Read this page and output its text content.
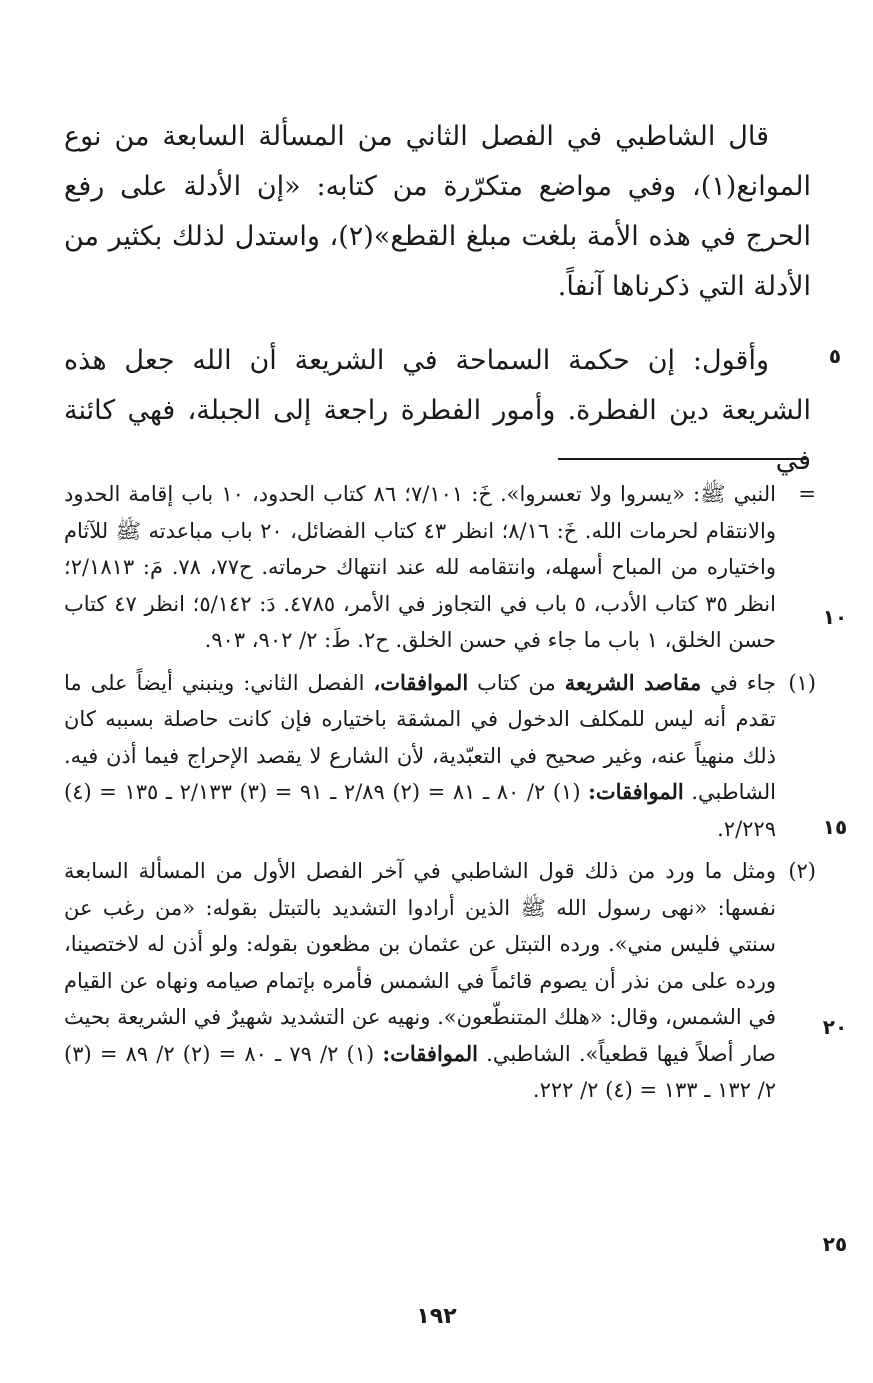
قال الشاطبي في الفصل الثاني من المسألة السابعة من نوع الموانع(١)، وفي مواضع متكرّرة من كتابه: «إن الأدلة على رفع الحرج في هذه الأمة بلغت مبلغ القطع»(٢)، واستدل لذلك بكثير من الأدلة التي ذكرناها آنفاً.

وأقول: إن حكمة السماحة في الشريعة أن الله جعل هذه الشريعة دين الفطرة. وأمور الفطرة راجعة إلى الجبلة، فهي كائنة في

=
النبي ﷺ: «يسروا ولا تعسروا». خَ: ٧/١٠١؛ ٨٦ كتاب الحدود، ١٠ باب إقامة الحدود والانتقام لحرمات الله. خَ: ٨/١٦؛ انظر ٤٣ كتاب الفضائل، ٢٠ باب مباعدته ﷺ للآثام واختياره من المباح أسهله، وانتقامه لله عند انتهاك حرماته. ح٧٧، ٧٨. مَ: ٢/١٨١٣؛ انظر ٣٥ كتاب الأدب، ٥ باب في التجاوز في الأمر، ٤٧٨٥. دَ: ٥/١٤٢؛ انظر ٤٧ كتاب حسن الخلق، ١ باب ما جاء في حسن الخلق. ح٢. طَ: ٢/ ٩٠٢، ٩٠٣.
(١)
جاء في مقاصد الشريعة من كتاب الموافقات، الفصل الثاني: وينبني أيضاً على ما تقدم أنه ليس للمكلف الدخول في المشقة باختياره فإن كانت حاصلة بسببه كان ذلك منهياً عنه، وغير صحيح في التعبّدية، لأن الشارع لا يقصد الإحراج فيما أذن فيه. الشاطبي. الموافقات: (١) ٢/ ٨٠ ـ ٨١ = (٢) ٢/٨٩ ـ ٩١ = (٣) ٢/١٣٣ ـ ١٣٥ = (٤) ٢/٢٢٩.
(٢)
ومثل ما ورد من ذلك قول الشاطبي في آخر الفصل الأول من المسألة السابعة نفسها: «نهى رسول الله ﷺ الذين أرادوا التشديد بالتبتل بقوله: «من رغب عن سنتي فليس مني». ورده التبتل عن عثمان بن مظعون بقوله: ولو أذن له لاختصينا، ورده على من نذر أن يصوم قائماً في الشمس فأمره بإتمام صيامه ونهاه عن القيام في الشمس، وقال: «هلك المتنطّعون». ونهيه عن التشديد شهيرٌ في الشريعة بحيث صار أصلاً فيها قطعياً». الشاطبي. الموافقات: (١) ٢/ ٧٩ ـ ٨٠ = (٢) ٢/ ٨٩ = (٣) ٢/ ١٣٢ ـ ١٣٣ = (٤) ٢/ ٢٢٢.
٥
١٠
١٥
٢٠
٢٥
١٩٢
